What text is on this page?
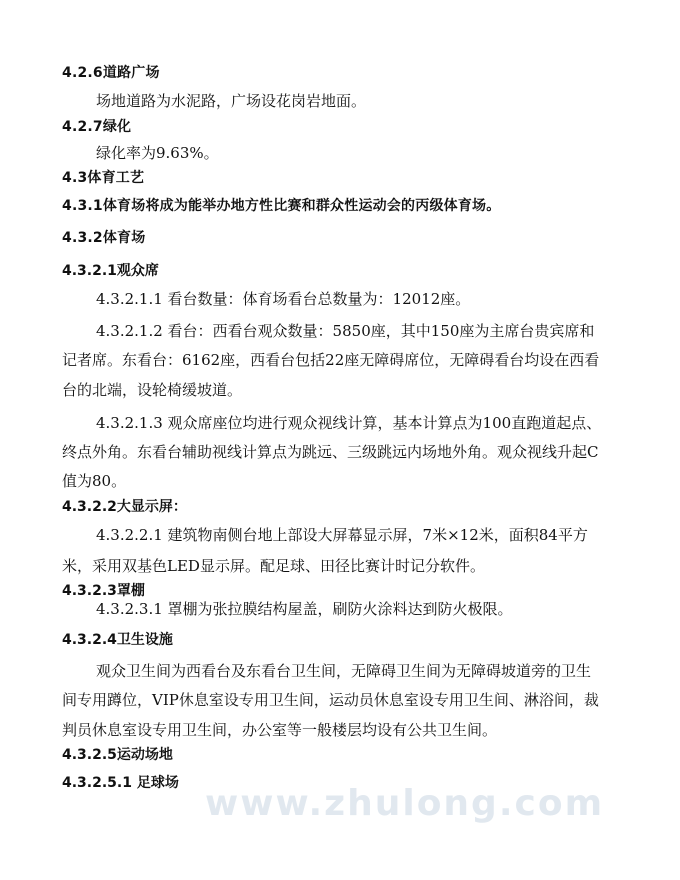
4.2.6道路广场
场地道路为水泥路，广场设花岗岩地面。
4.2.7绿化
绿化率为9.63%。
4.3体育工艺
4.3.1体育场将成为能举办地方性比赛和群众性运动会的丙级体育场。
4.3.2体育场
4.3.2.1观众席
4.3.2.1.1 看台数量：体育场看台总数量为：12012座。
4.3.2.1.2 看台：西看台观众数量：5850座，其中150座为主席台贵宾席和
记者席。东看台：6162座，西看台包括22座无障碍席位，无障碍看台均设在西看
台的北端，设轮椅缓坡道。
4.3.2.1.3 观众席座位均进行观众视线计算，基本计算点为100直跑道起点、
终点外角。东看台辅助视线计算点为跳远、三级跳远内场地外角。观众视线升起C
值为80。
4.3.2.2大显示屏：
4.3.2.2.1 建筑物南侧台地上部设大屏幕显示屏，7米×12米，面积84平方
米，采用双基色LED显示屏。配足球、田径比赛计时记分软件。
4.3.2.3罩棚
4.3.2.3.1 罩棚为张拉膜结构屋盖，刷防火涂料达到防火极限。
4.3.2.4卫生设施
观众卫生间为西看台及东看台卫生间，无障碍卫生间为无障碍坡道旁的卫生
间专用蹲位，VIP休息室设专用卫生间，运动员休息室设专用卫生间、淋浴间，裁
判员休息室设专用卫生间，办公室等一般楼层均设有公共卫生间。
4.3.2.5运动场地
4.3.2.5.1 足球场 www.zhulong.com
